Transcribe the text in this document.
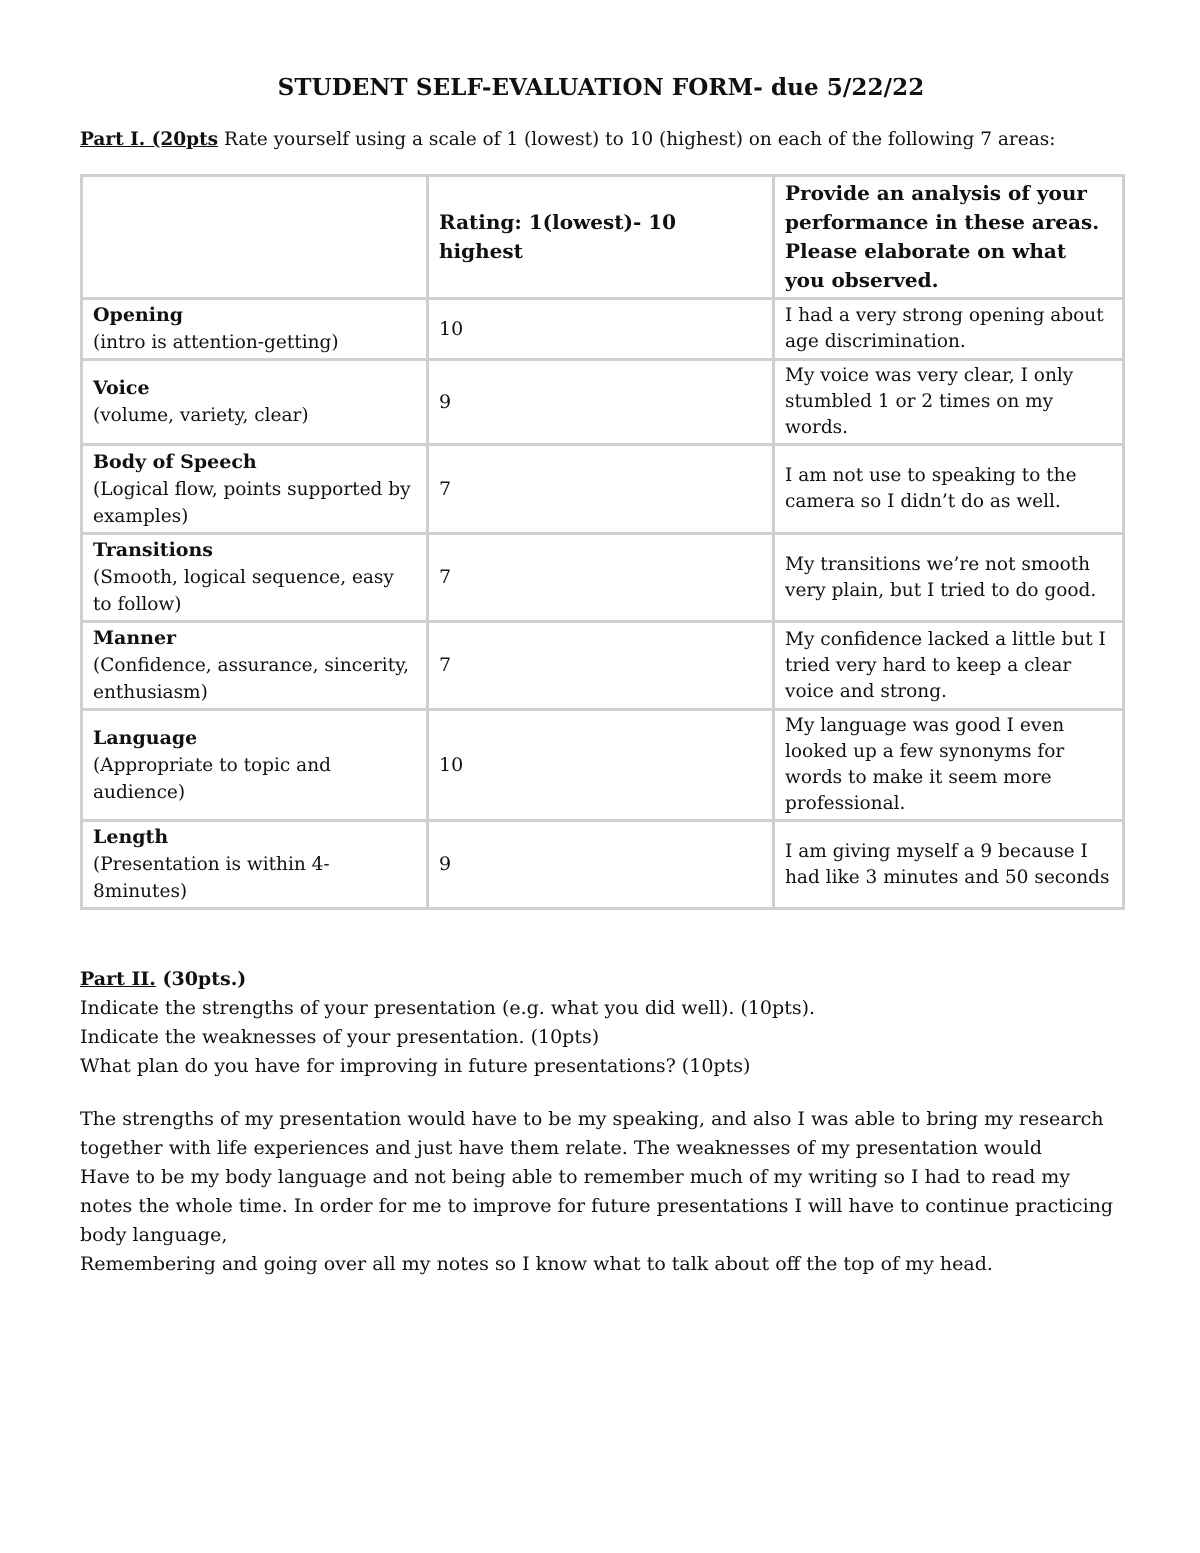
STUDENT SELF-EVALUATION FORM- due 5/22/22
Part I. (20pts Rate yourself using a scale of 1 (lowest) to 10 (highest) on each of the following 7 areas:
	Rating: 1(lowest)- 10 highest	Provide an analysis of your performance in these areas. Please elaborate on what you observed.
Opening
(intro is attention-getting)	10	I had a very strong opening about age discrimination.
Voice
(volume, variety, clear)	9	My voice was very clear, I only stumbled 1 or 2 times on my words.
Body of Speech
(Logical flow, points supported by examples)	7	I am not use to speaking to the camera so I didn’t do as well.
Transitions
(Smooth, logical sequence, easy to follow)	7	My transitions we’re not smooth very plain, but I tried to do good.
Manner
(Confidence, assurance, sincerity, enthusiasm)	7	My confidence lacked a little but I tried very hard to keep a clear voice and strong.
Language
(Appropriate to topic and audience)	10	My language was good I even looked up a few synonyms for words to make it seem more professional.
Length
(Presentation is within 4-8minutes)	9	I am giving myself a 9 because I had like 3 minutes and 50 seconds
Part II. (30pts.)
Indicate the strengths of your presentation (e.g. what you did well). (10pts).
Indicate the weaknesses of your presentation. (10pts)
What plan do you have for improving in future presentations? (10pts)
The strengths of my presentation would have to be my speaking, and also I was able to bring my research together with life experiences and just have them relate. The weaknesses of my presentation would
Have to be my body language and not being able to remember much of my writing so I had to read my notes the whole time. In order for me to improve for future presentations I will have to continue practicing body language,
Remembering and going over all my notes so I know what to talk about off the top of my head.
